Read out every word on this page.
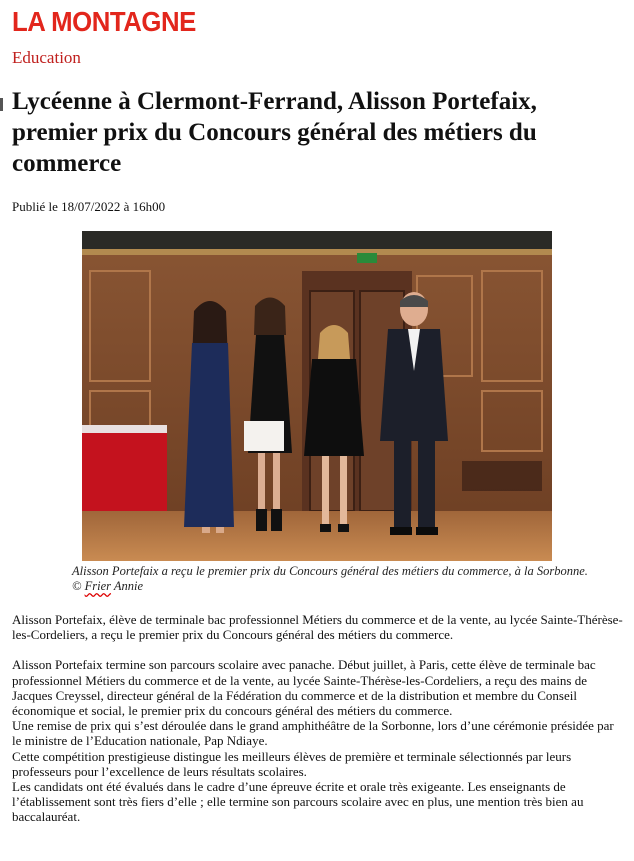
LA MONTAGNE
Education
Lycéenne à Clermont-Ferrand, Alisson Portefaix, premier prix du Concours général des métiers du commerce
Publié le 18/07/2022 à 16h00
Alisson Portefaix a reçu le premier prix du Concours général des métiers du commerce, à la Sorbonne. © Frier Annie

Alisson Portefaix, élève de terminale bac professionnel Métiers du commerce et de la vente, au lycée Sainte-Thérèse-les-Cordeliers, a reçu le premier prix du Concours général des métiers du commerce.

Alisson Portefaix termine son parcours scolaire avec panache. Début juillet, à Paris, cette élève de terminale bac professionnel Métiers du commerce et de la vente, au lycée Sainte-Thérèse-les-Cordeliers, a reçu des mains de Jacques Creyssel, directeur général de la Fédération du commerce et de la distribution et membre du Conseil économique et social, le premier prix du concours général des métiers du commerce.

Une remise de prix qui s’est déroulée dans le grand amphithéâtre de la Sorbonne, lors d’une cérémonie présidée par le ministre de l’Education nationale, Pap Ndiaye.

Cette compétition prestigieuse distingue les meilleurs élèves de première et terminale sélectionnés par leurs professeurs pour l’excellence de leurs résultats scolaires.

Les candidats ont été évalués dans le cadre d’une épreuve écrite et orale très exigeante. Les enseignants de l’établissement sont très fiers d’elle ; elle termine son parcours scolaire avec en plus, une mention très bien au baccalauréat.
